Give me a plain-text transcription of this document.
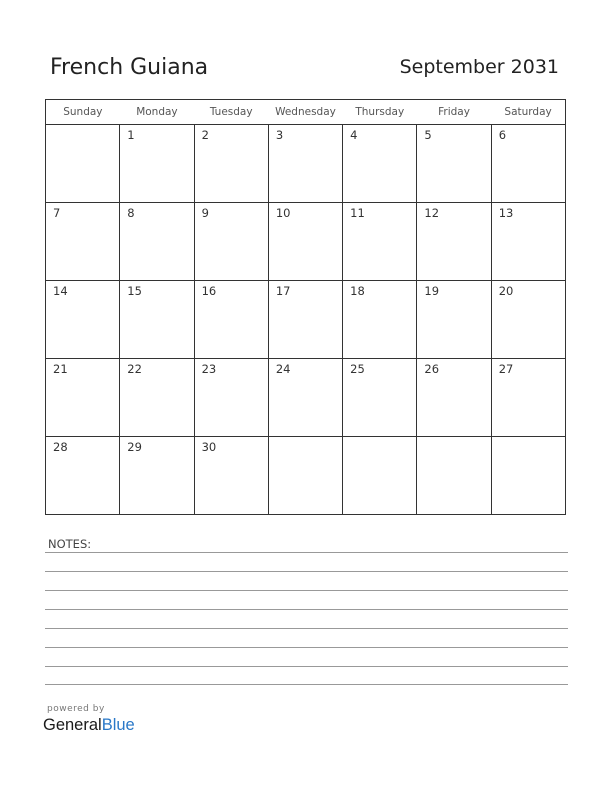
French Guiana	September 2031
Sunday	Monday	Tuesday	Wednesday	Thursday	Friday	Saturday

	1	2	3	4	5	6

7	8	9	10	11	12	13

14	15	16	17	18	19	20

21	22	23	24	25	26	27

28	29	30				

NOTES:
powered by
GeneralBlue
